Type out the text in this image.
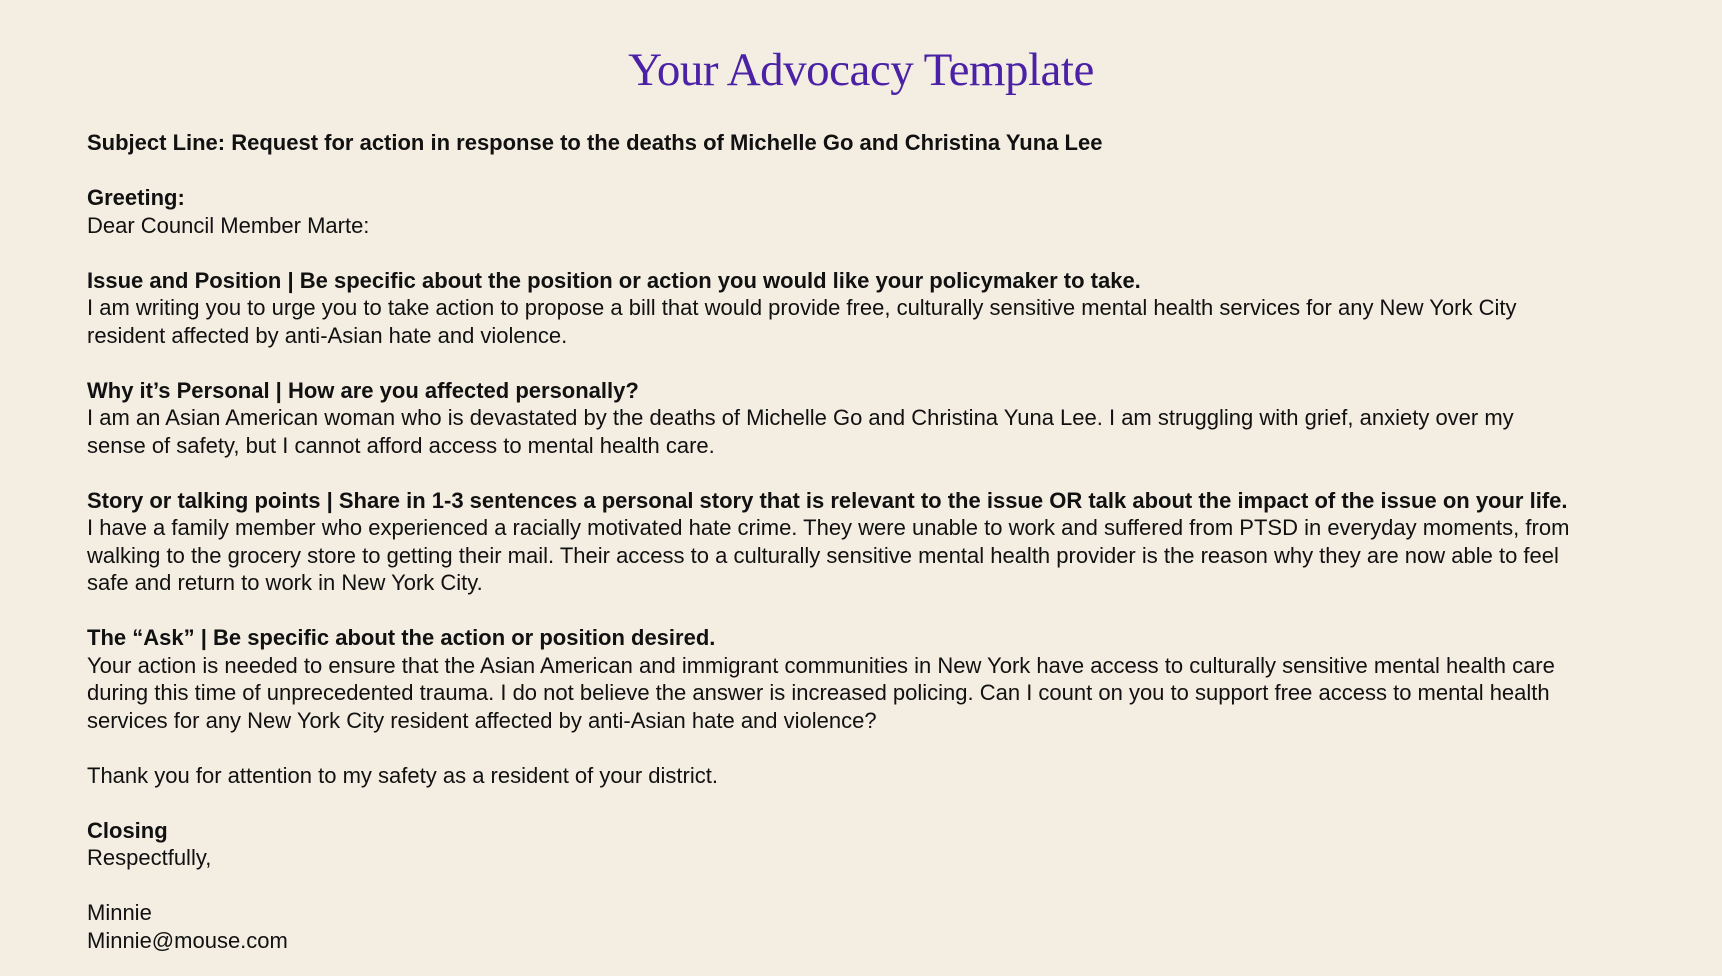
Your Advocacy Template

Subject Line: Request for action in response to the deaths of Michelle Go and Christina Yuna Lee

Greeting:

Dear Council Member Marte:

Issue and Position | Be specific about the position or action you would like your policymaker to take.

I am writing you to urge you to take action to propose a bill that would provide free, culturally sensitive mental health services for any New York City

resident affected by anti-Asian hate and violence.

Why it’s Personal | How are you affected personally?

I am an Asian American woman who is devastated by the deaths of Michelle Go and Christina Yuna Lee. I am struggling with grief, anxiety over my

sense of safety, but I cannot afford access to mental health care.

Story or talking points | Share in 1-3 sentences a personal story that is relevant to the issue OR talk about the impact of the issue on your life.

I have a family member who experienced a racially motivated hate crime. They were unable to work and suffered from PTSD in everyday moments, from

walking to the grocery store to getting their mail. Their access to a culturally sensitive mental health provider is the reason why they are now able to feel

safe and return to work in New York City.

The “Ask” | Be specific about the action or position desired.

Your action is needed to ensure that the Asian American and immigrant communities in New York have access to culturally sensitive mental health care

during this time of unprecedented trauma. I do not believe the answer is increased policing. Can I count on you to support free access to mental health

services for any New York City resident affected by anti-Asian hate and violence?

Thank you for attention to my safety as a resident of your district.

Closing

Respectfully,

Minnie

Minnie@mouse.com
